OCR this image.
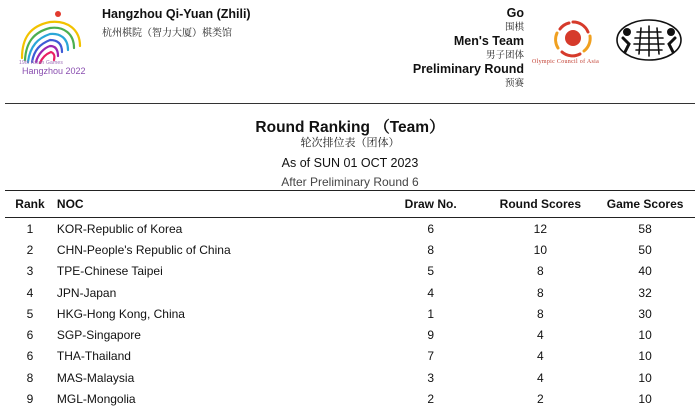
19th Asian Games
Hangzhou 2022
Hangzhou Qi-Yuan (Zhili)
杭州棋院（智力大厦）棋类馆
Go
围棋
Men's Team
男子团体
Preliminary Round
预赛
Olympic Council of Asia
Round Ranking （Team）
轮次排位表（团体）
As of SUN 01 OCT 2023
After Preliminary Round 6
Rank	NOC	Draw No.	Round Scores	Game Scores
1	KOR-Republic of Korea	6	12	58
2	CHN-People's Republic of China	8	10	50
3	TPE-Chinese Taipei	5	8	40
4	JPN-Japan	4	8	32
5	HKG-Hong Kong, China	1	8	30
6	SGP-Singapore	9	4	10
6	THA-Thailand	7	4	10
8	MAS-Malaysia	3	4	10
9	MGL-Mongolia	2	2	10
